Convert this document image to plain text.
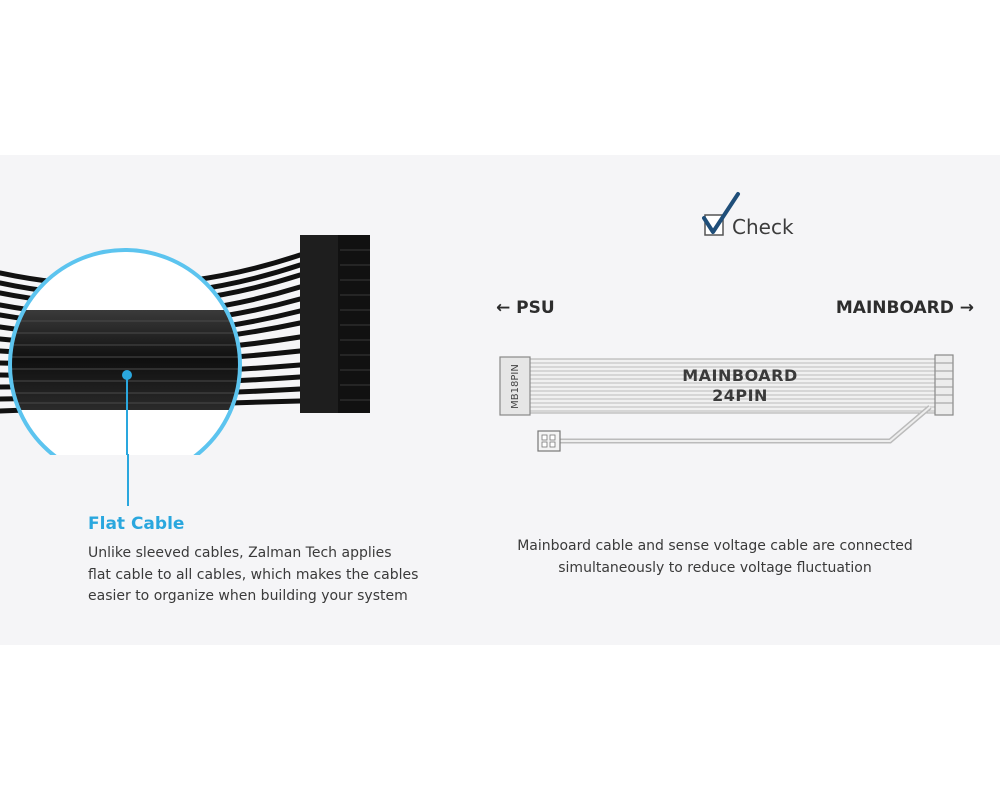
Flat Cable
Unlike sleeved cables, Zalman Tech applies
flat cable to all cables, which makes the cables
easier to organize when building your system
Check
← PSU	MAINBOARD →
MB18PIN	MAINBOARD
24PIN
Mainboard cable and sense voltage cable are connected
simultaneously to reduce voltage fluctuation
